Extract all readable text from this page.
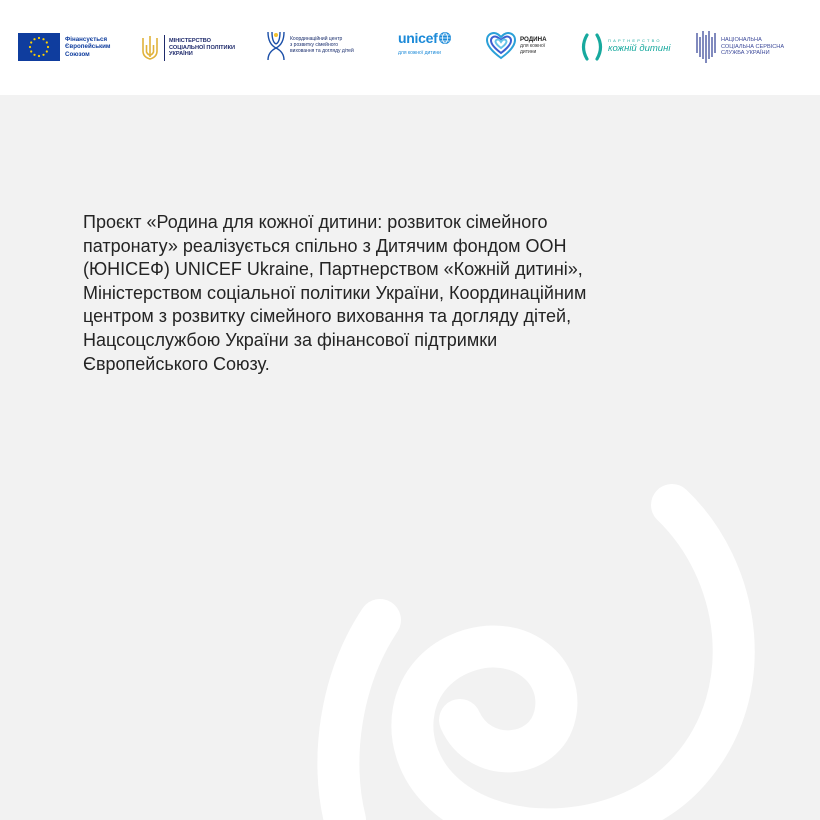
Фінансується
Європейським
Союзом
МІНІСТЕРСТВО
СОЦІАЛЬНОЇ ПОЛІТИКИ
УКРАЇНИ
Координаційний центр
з розвитку сімейного
виховання та догляду дітей
unicef
для кожної дитини
РОДИНА
для кожної
дитини
ПАРТНЕРСТВО
кожній дитині
НАЦІОНАЛЬНА
СОЦІАЛЬНА СЕРВІСНА
СЛУЖБА УКРАЇНИ

Проєкт «Родина для кожної дитини: розвиток сімейного
патронату» реалізується спільно з Дитячим фондом ООН
(ЮНІСЕФ) UNICEF Ukraine, Партнерством «Кожній дитині»,
Міністерством соціальної політики України, Координаційним
центром з розвитку сімейного виховання та догляду дітей,
Нацсоцслужбою України за фінансової підтримки
Європейського Союзу.
